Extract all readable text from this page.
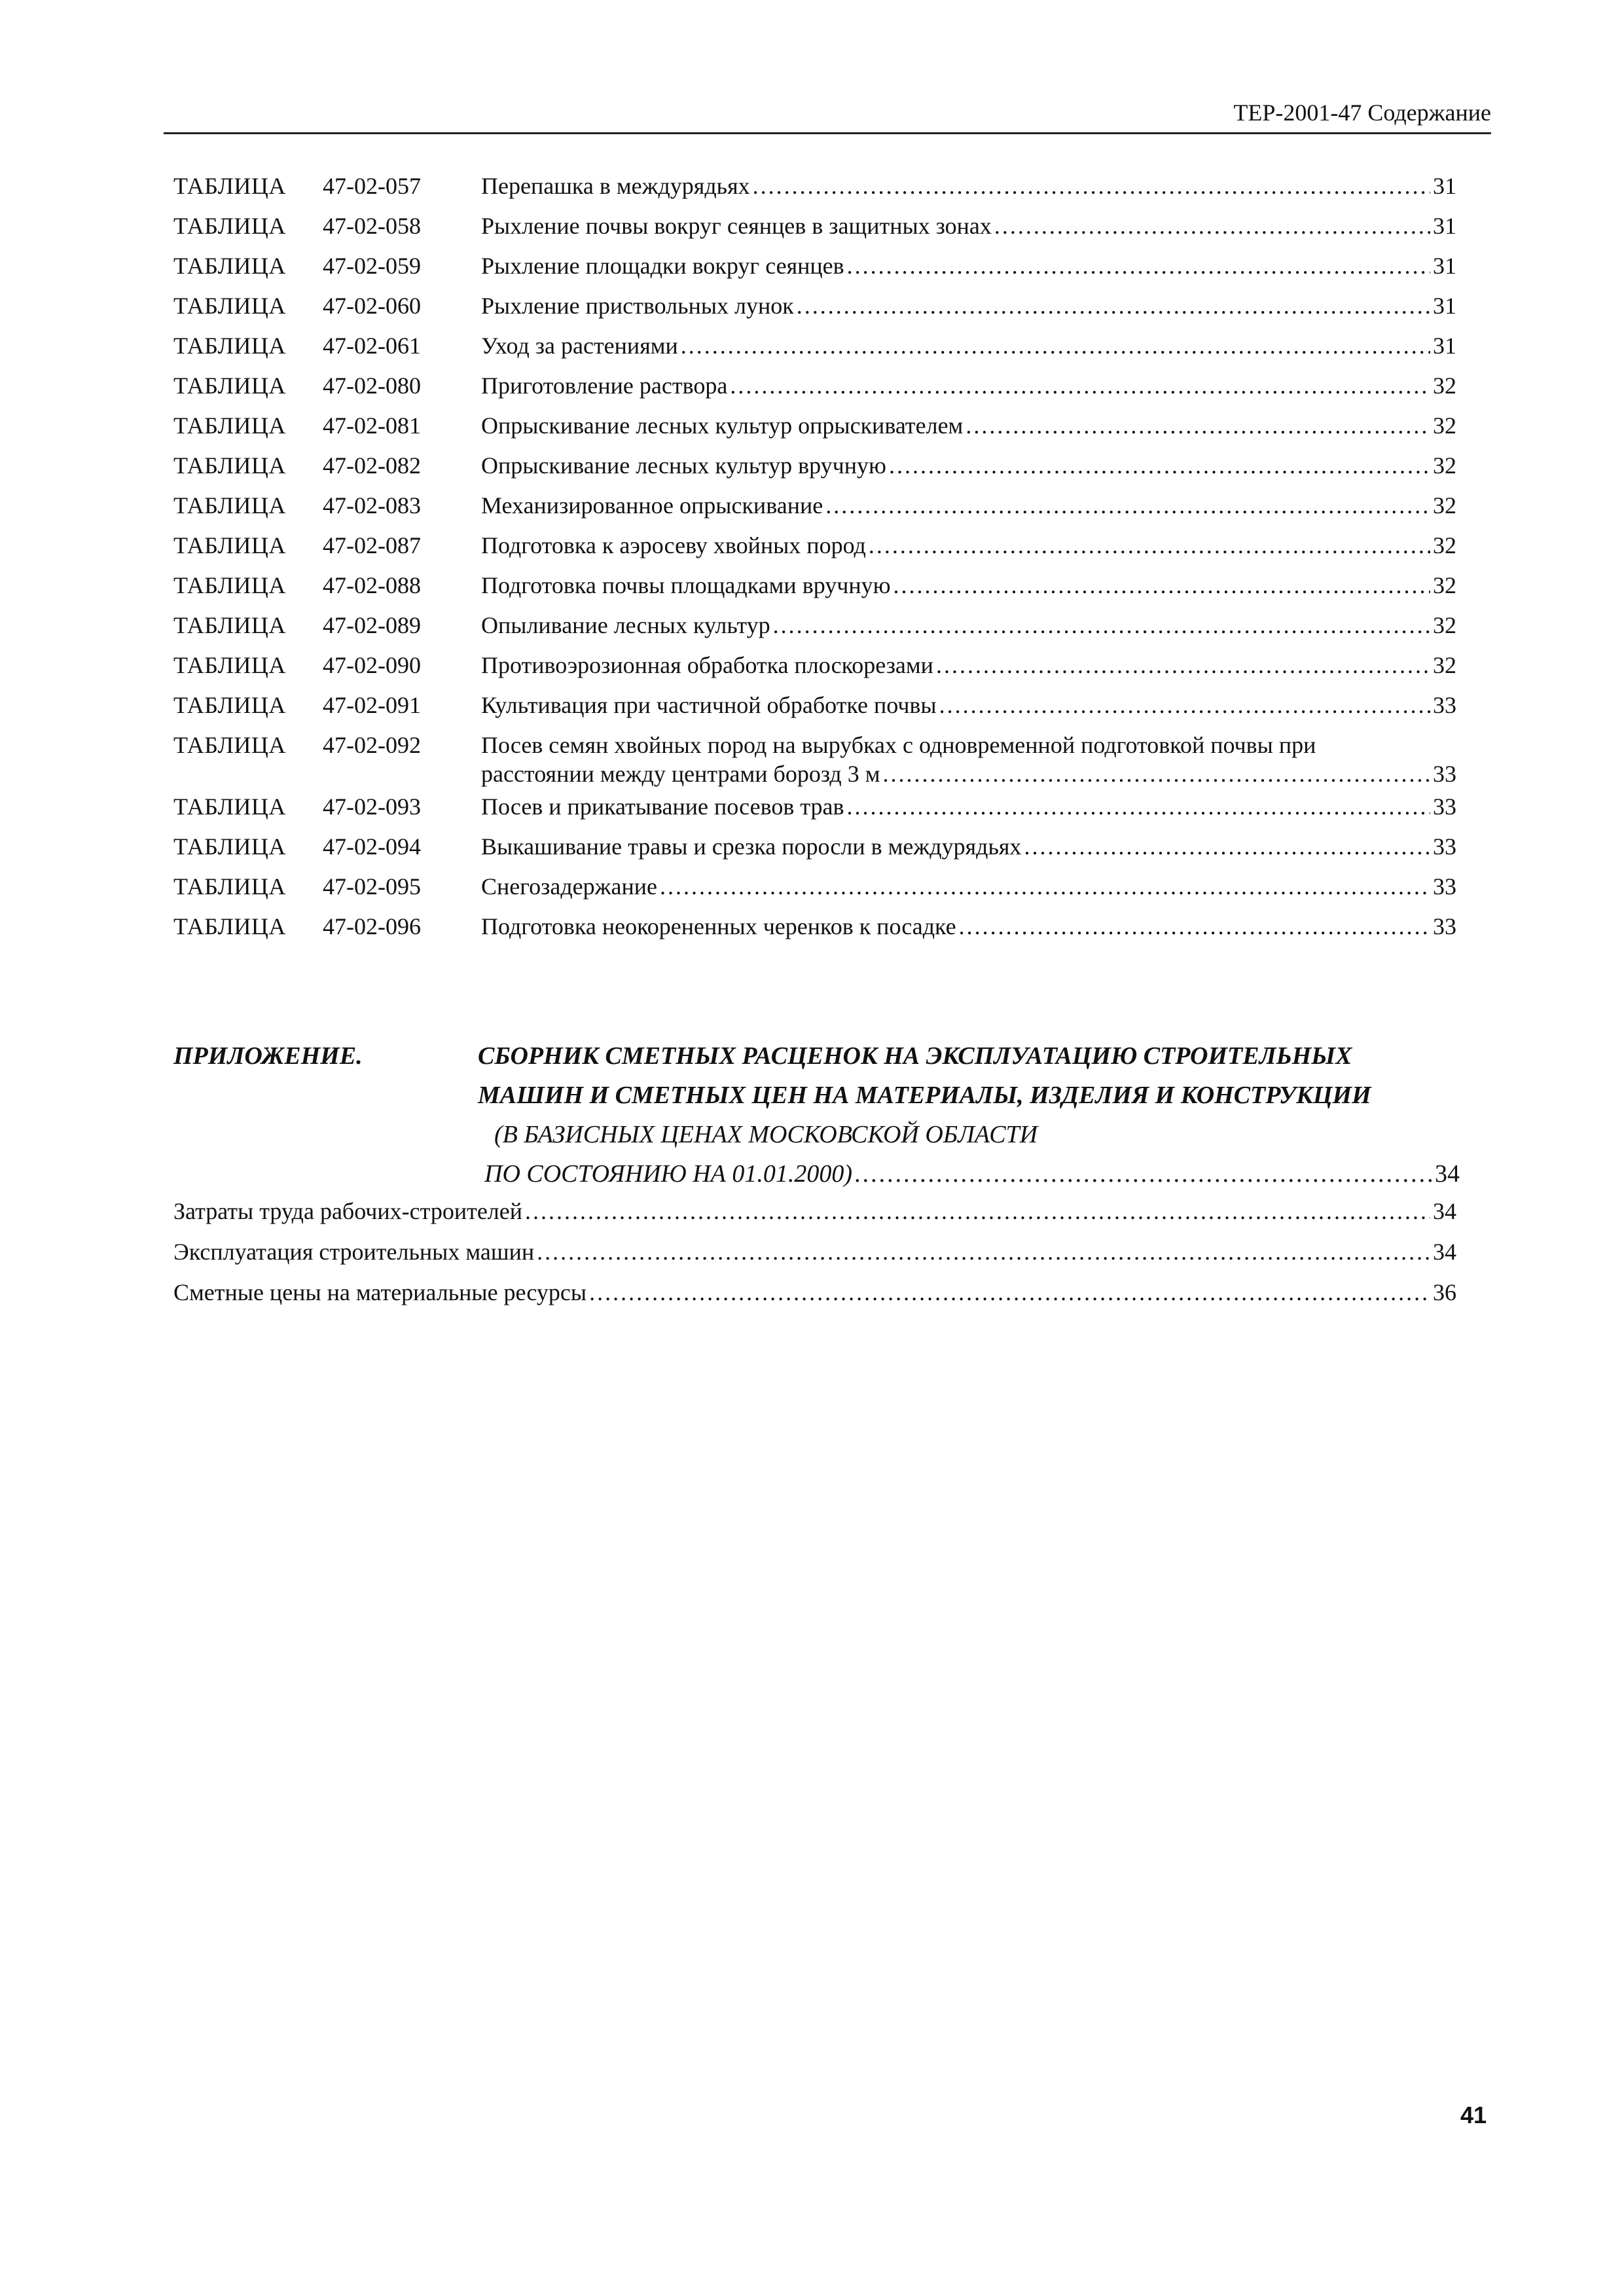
ТЕР-2001-47 Содержание
ТАБЛИЦА	47-02-057	Перепашка в междурядьях .....	31
ТАБЛИЦА	47-02-058	Рыхление почвы вокруг сеянцев в защитных зонах .....	31
ТАБЛИЦА	47-02-059	Рыхление площадки вокруг сеянцев .....	31
ТАБЛИЦА	47-02-060	Рыхление приствольных лунок .....	31
ТАБЛИЦА	47-02-061	Уход за растениями .....	31
ТАБЛИЦА	47-02-080	Приготовление раствора .....	32
ТАБЛИЦА	47-02-081	Опрыскивание лесных культур опрыскивателем .....	32
ТАБЛИЦА	47-02-082	Опрыскивание лесных культур вручную .....	32
ТАБЛИЦА	47-02-083	Механизированное опрыскивание .....	32
ТАБЛИЦА	47-02-087	Подготовка к аэросеву хвойных пород .....	32
ТАБЛИЦА	47-02-088	Подготовка почвы площадками вручную .....	32
ТАБЛИЦА	47-02-089	Опыливание лесных культур .....	32
ТАБЛИЦА	47-02-090	Противоэрозионная обработка плоскорезами .....	32
ТАБЛИЦА	47-02-091	Культивация при частичной обработке почвы .....	33
ТАБЛИЦА	47-02-092	Посев семян хвойных пород на вырубках с одновременной подготовкой почвы при
расстоянии между центрами борозд 3 м .....	33
ТАБЛИЦА	47-02-093	Посев и прикатывание посевов трав .....	33
ТАБЛИЦА	47-02-094	Выкашивание травы и срезка поросли в междурядьях .....	33
ТАБЛИЦА	47-02-095	Снегозадержание .....	33
ТАБЛИЦА	47-02-096	Подготовка неокорененных черенков к посадке .....	33
ПРИЛОЖЕНИЕ.	СБОРНИК СМЕТНЫХ РАСЦЕНОК НА ЭКСПЛУАТАЦИЮ СТРОИТЕЛЬНЫХ
МАШИН И СМЕТНЫХ ЦЕН НА МАТЕРИАЛЫ, ИЗДЕЛИЯ И КОНСТРУКЦИИ
(В БАЗИСНЫХ ЦЕНАХ МОСКОВСКОЙ ОБЛАСТИ
ПО СОСТОЯНИЮ НА 01.01.2000) .....	34
Затраты труда рабочих-строителей .....	34
Эксплуатация строительных машин .....	34
Сметные цены на материальные ресурсы .....	36
41
